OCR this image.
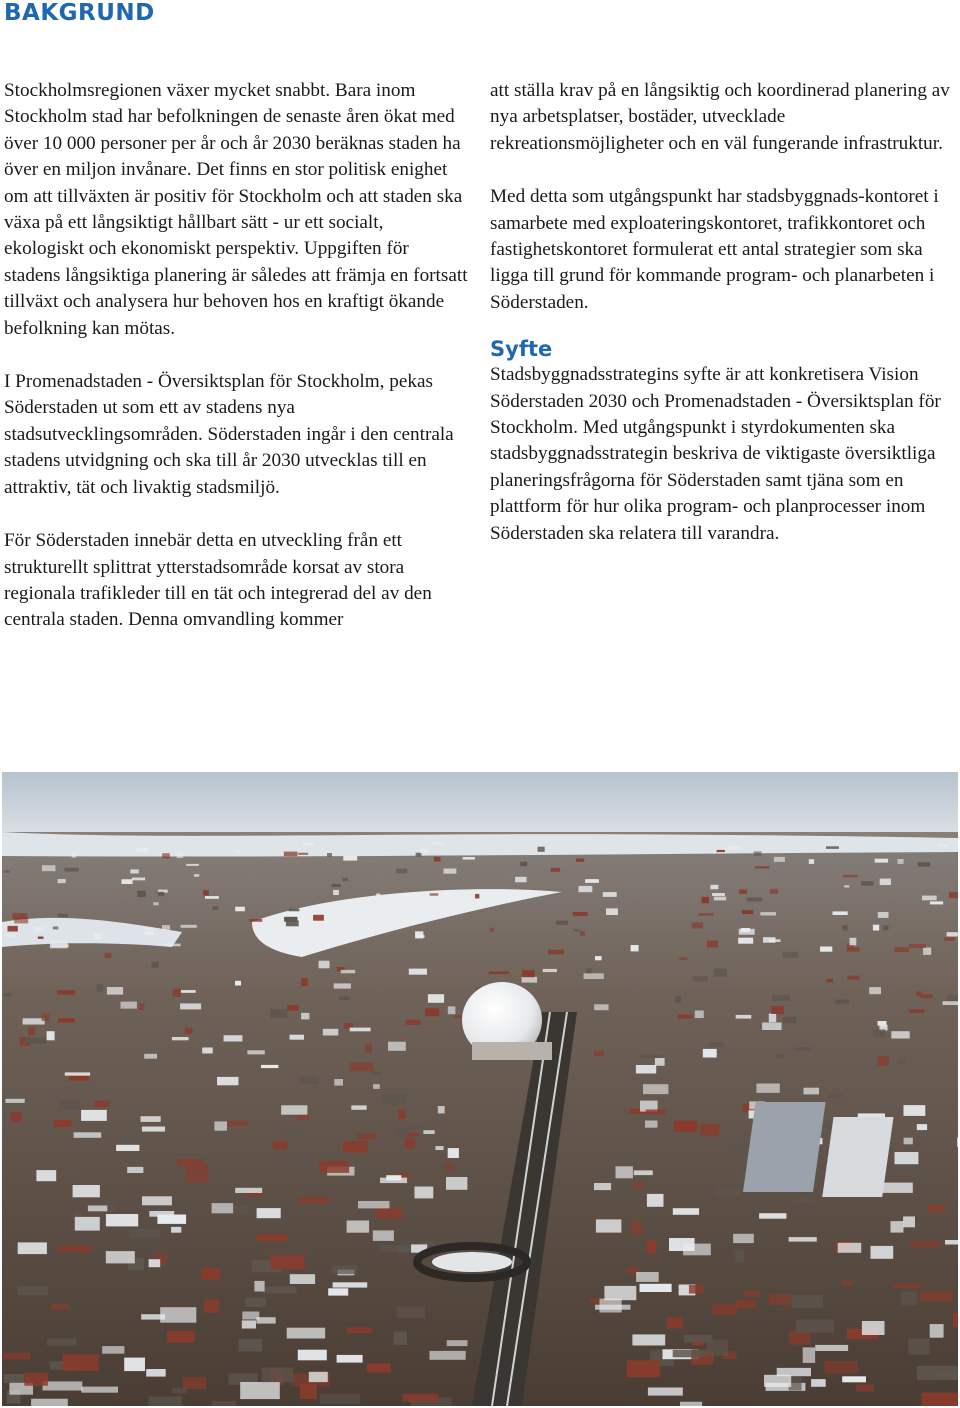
BAKGRUND

Stockholmsregionen växer mycket snabbt. Bara inom Stockholm stad har befolkningen de senaste åren ökat med över 10 000 personer per år och år 2030 beräknas staden ha över en miljon invånare. Det finns en stor politisk enighet om att tillväxten är positiv för Stockholm och att staden ska växa på ett långsiktigt hållbart sätt - ur ett socialt, ekologiskt och ekonomiskt perspektiv. Uppgiften för stadens långsiktiga planering är således att främja en fortsatt tillväxt och analysera hur behoven hos en kraftigt ökande befolkning kan mötas.

I Promenadstaden - Översiktsplan för Stockholm, pekas Söderstaden ut som ett av stadens nya stadsutvecklingsområden. Söderstaden ingår i den centrala stadens utvidgning och ska till år 2030 utvecklas till en attraktiv, tät och livaktig stadsmiljö.

För Söderstaden innebär detta en utveckling från ett strukturellt splittrat ytterstadsområde korsat av stora regionala trafikleder till en tät och integrerad del av den centrala staden. Denna omvandling kommer

att ställa krav på en långsiktig och koordinerad planering av nya arbetsplatser, bostäder, utvecklade rekreationsmöjligheter och en väl fungerande infrastruktur.

Med detta som utgångspunkt har stadsbyggnads-kontoret i samarbete med exploateringskontoret, trafikkontoret och fastighetskontoret formulerat ett antal strategier som ska ligga till grund för kommande program- och planarbeten i Söderstaden.

Syfte

Stadsbyggnadsstrategins syfte är att konkretisera Vision Söderstaden 2030 och Promenadstaden - Översiktsplan för Stockholm. Med utgångspunkt i styrdokumenten ska stadsbyggnadsstrategin beskriva de viktigaste översiktliga planeringsfrågorna för Söderstaden samt tjäna som en plattform för hur olika program- och planprocesser inom Söderstaden ska relatera till varandra.
